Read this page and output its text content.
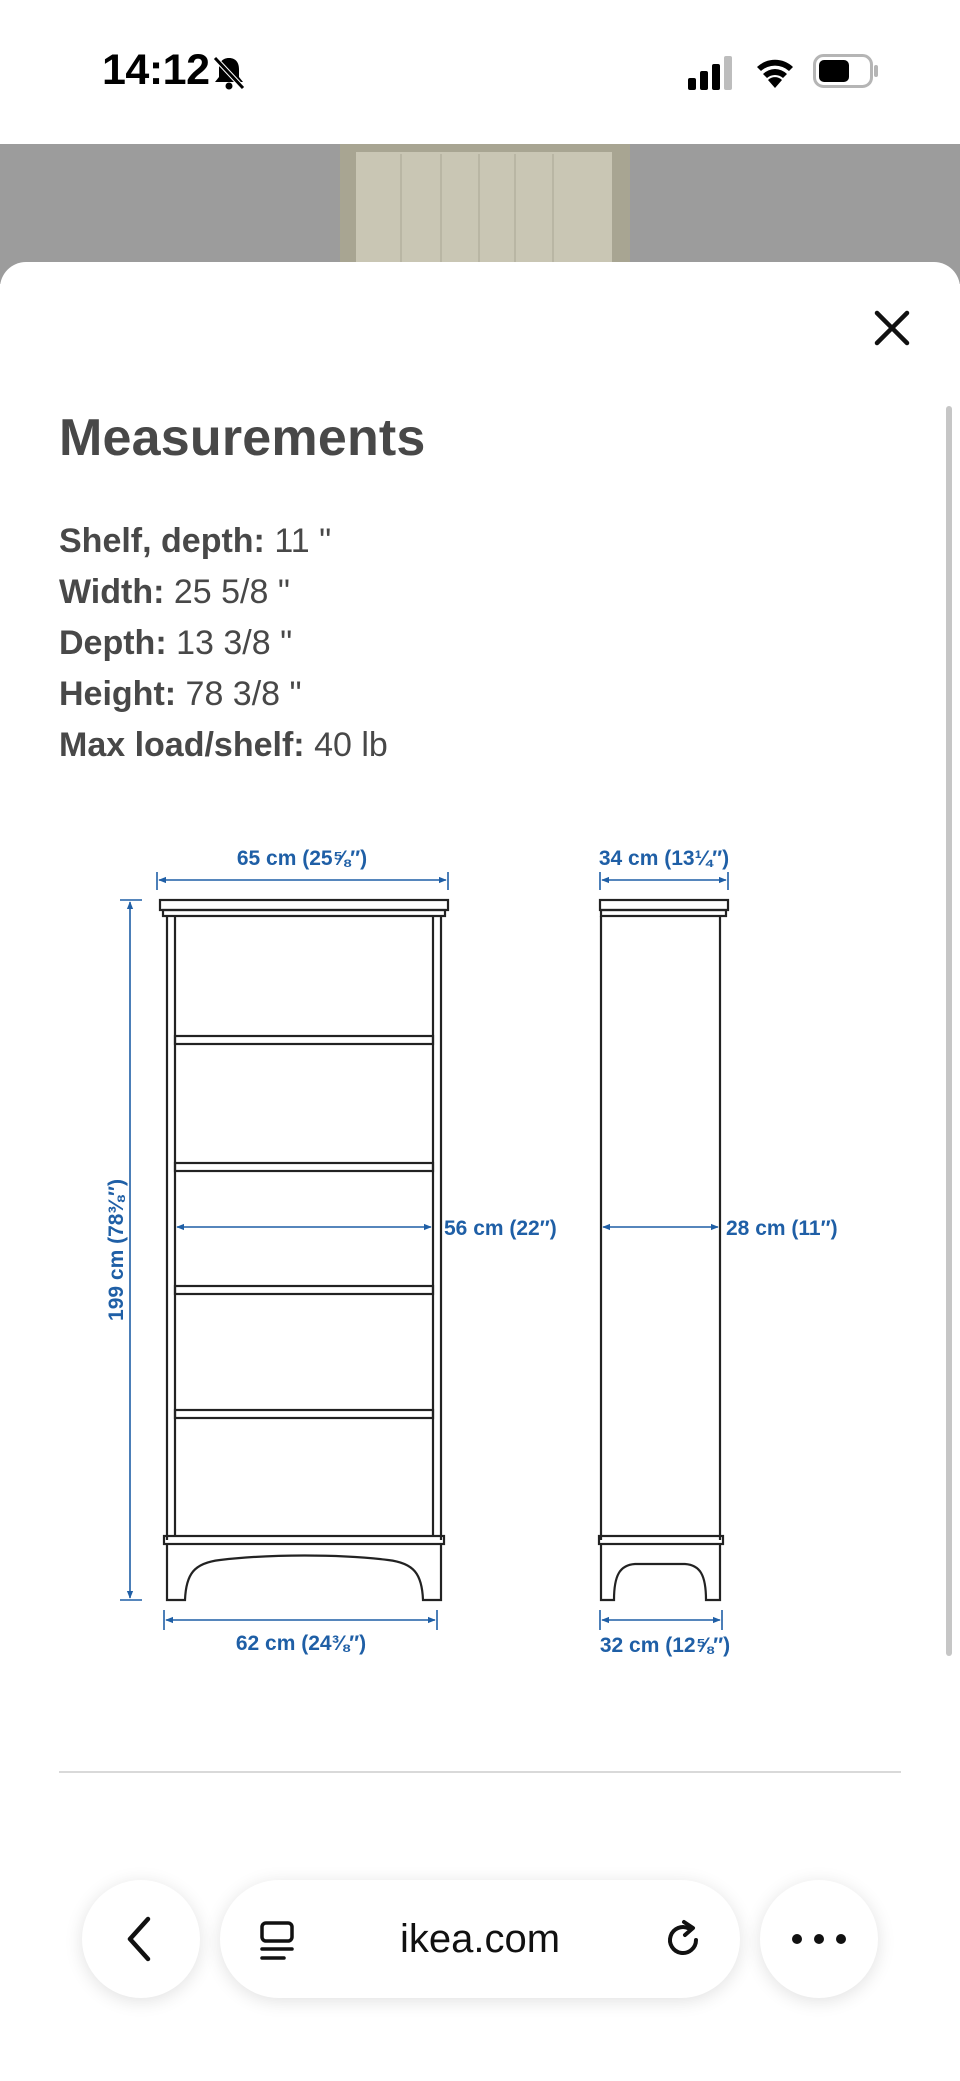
14:12
Measurements
Shelf, depth: 11 "
Width: 25 5/8 "
Depth: 13 3/8 "
Height: 78 3/8 "
Max load/shelf: 40 lb
65 cm (25⅝″)
199 cm (78⅜″)	56 cm (22″)
62 cm (24⅜″)
34 cm (13¼″)
28 cm (11″)
32 cm (12⅝″)
ikea.com
